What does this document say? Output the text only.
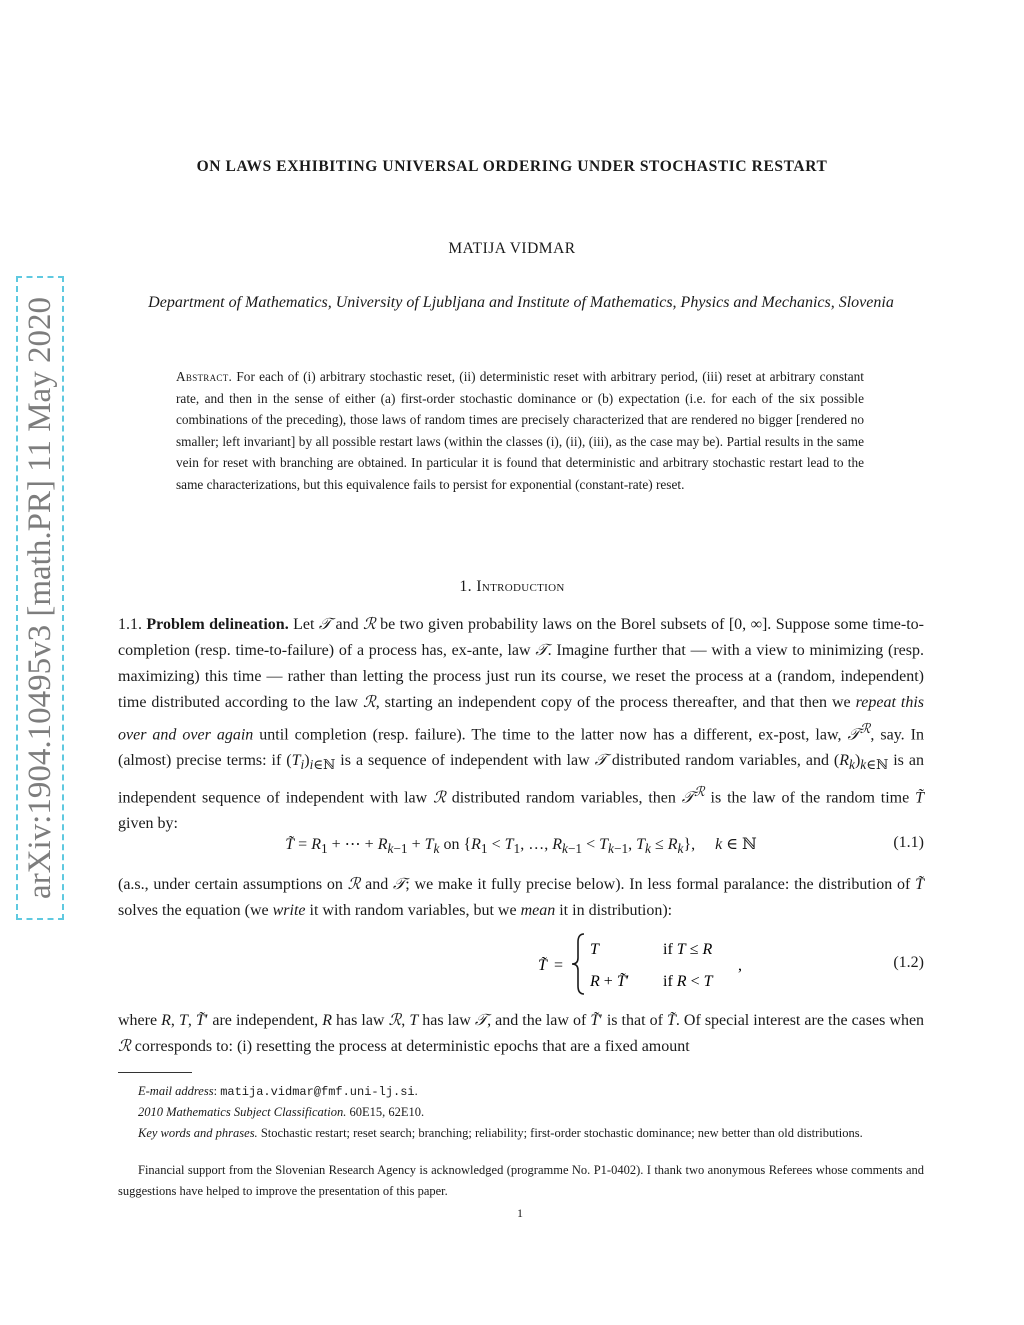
arXiv:1904.10495v3 [math.PR] 11 May 2020
ON LAWS EXHIBITING UNIVERSAL ORDERING UNDER STOCHASTIC RESTART
MATIJA VIDMAR
Department of Mathematics, University of Ljubljana and Institute of Mathematics, Physics and Mechanics, Slovenia
Abstract. For each of (i) arbitrary stochastic reset, (ii) deterministic reset with arbitrary period, (iii) reset at arbitrary constant rate, and then in the sense of either (a) first-order stochastic dominance or (b) expectation (i.e. for each of the six possible combinations of the preceding), those laws of random times are precisely characterized that are rendered no bigger [rendered no smaller; left invariant] by all possible restart laws (within the classes (i), (ii), (iii), as the case may be). Partial results in the same vein for reset with branching are obtained. In particular it is found that deterministic and arbitrary stochastic restart lead to the same characterizations, but this equivalence fails to persist for exponential (constant-rate) reset.
1. Introduction
1.1. Problem delineation. Let 𝒯 and ℛ be two given probability laws on the Borel subsets of [0, ∞]. Suppose some time-to-completion (resp. time-to-failure) of a process has, ex-ante, law 𝒯. Imagine further that — with a view to minimizing (resp. maximizing) this time — rather than letting the process just run its course, we reset the process at a (random, independent) time distributed according to the law ℛ, starting an independent copy of the process thereafter, and that then we repeat this over and over again until completion (resp. failure). The time to the latter now has a different, ex-post, law, 𝒯$^ℛ$, say. In (almost) precise terms: if $(T_i)_{i\in ℕ}$ is a sequence of independent with law 𝒯 distributed random variables, and $(R_k)_{k\in ℕ}$ is an independent sequence of independent with law ℛ distributed random variables, then 𝒯$^ℛ$ is the law of the random time T̃ given by:
T̃ = $R_1$ + ⋯ + $R_{k-1} + T_k$ on {$R_1 < T_1$, …, $R_{k-1} < T_{k-1}$, $T_k \le R_k$},     k ∈ ℕ	(1.1)
(a.s., under certain assumptions on ℛ and 𝒯; we make it fully precise below). In less formal paralance: the distribution of T̃ solves the equation (we write it with random variables, but we mean it in distribution):
T̃ =
T	if T ≤ R
R + T̃′ if R < T
,	(1.2)
where R, T, T̃′ are independent, R has law ℛ, T has law 𝒯, and the law of T̃′ is that of T̃. Of special interest are the cases when ℛ corresponds to: (i) resetting the process at deterministic epochs that are a fixed amount
E-mail address: matija.vidmar@fmf.uni-lj.si.
2010 Mathematics Subject Classification. 60E15, 62E10.
Key words and phrases. Stochastic restart; reset search; branching; reliability; first-order stochastic dominance; new better than old distributions.
Financial support from the Slovenian Research Agency is acknowledged (programme No. P1-0402). I thank two anonymous Referees whose comments and suggestions have helped to improve the presentation of this paper.
1
